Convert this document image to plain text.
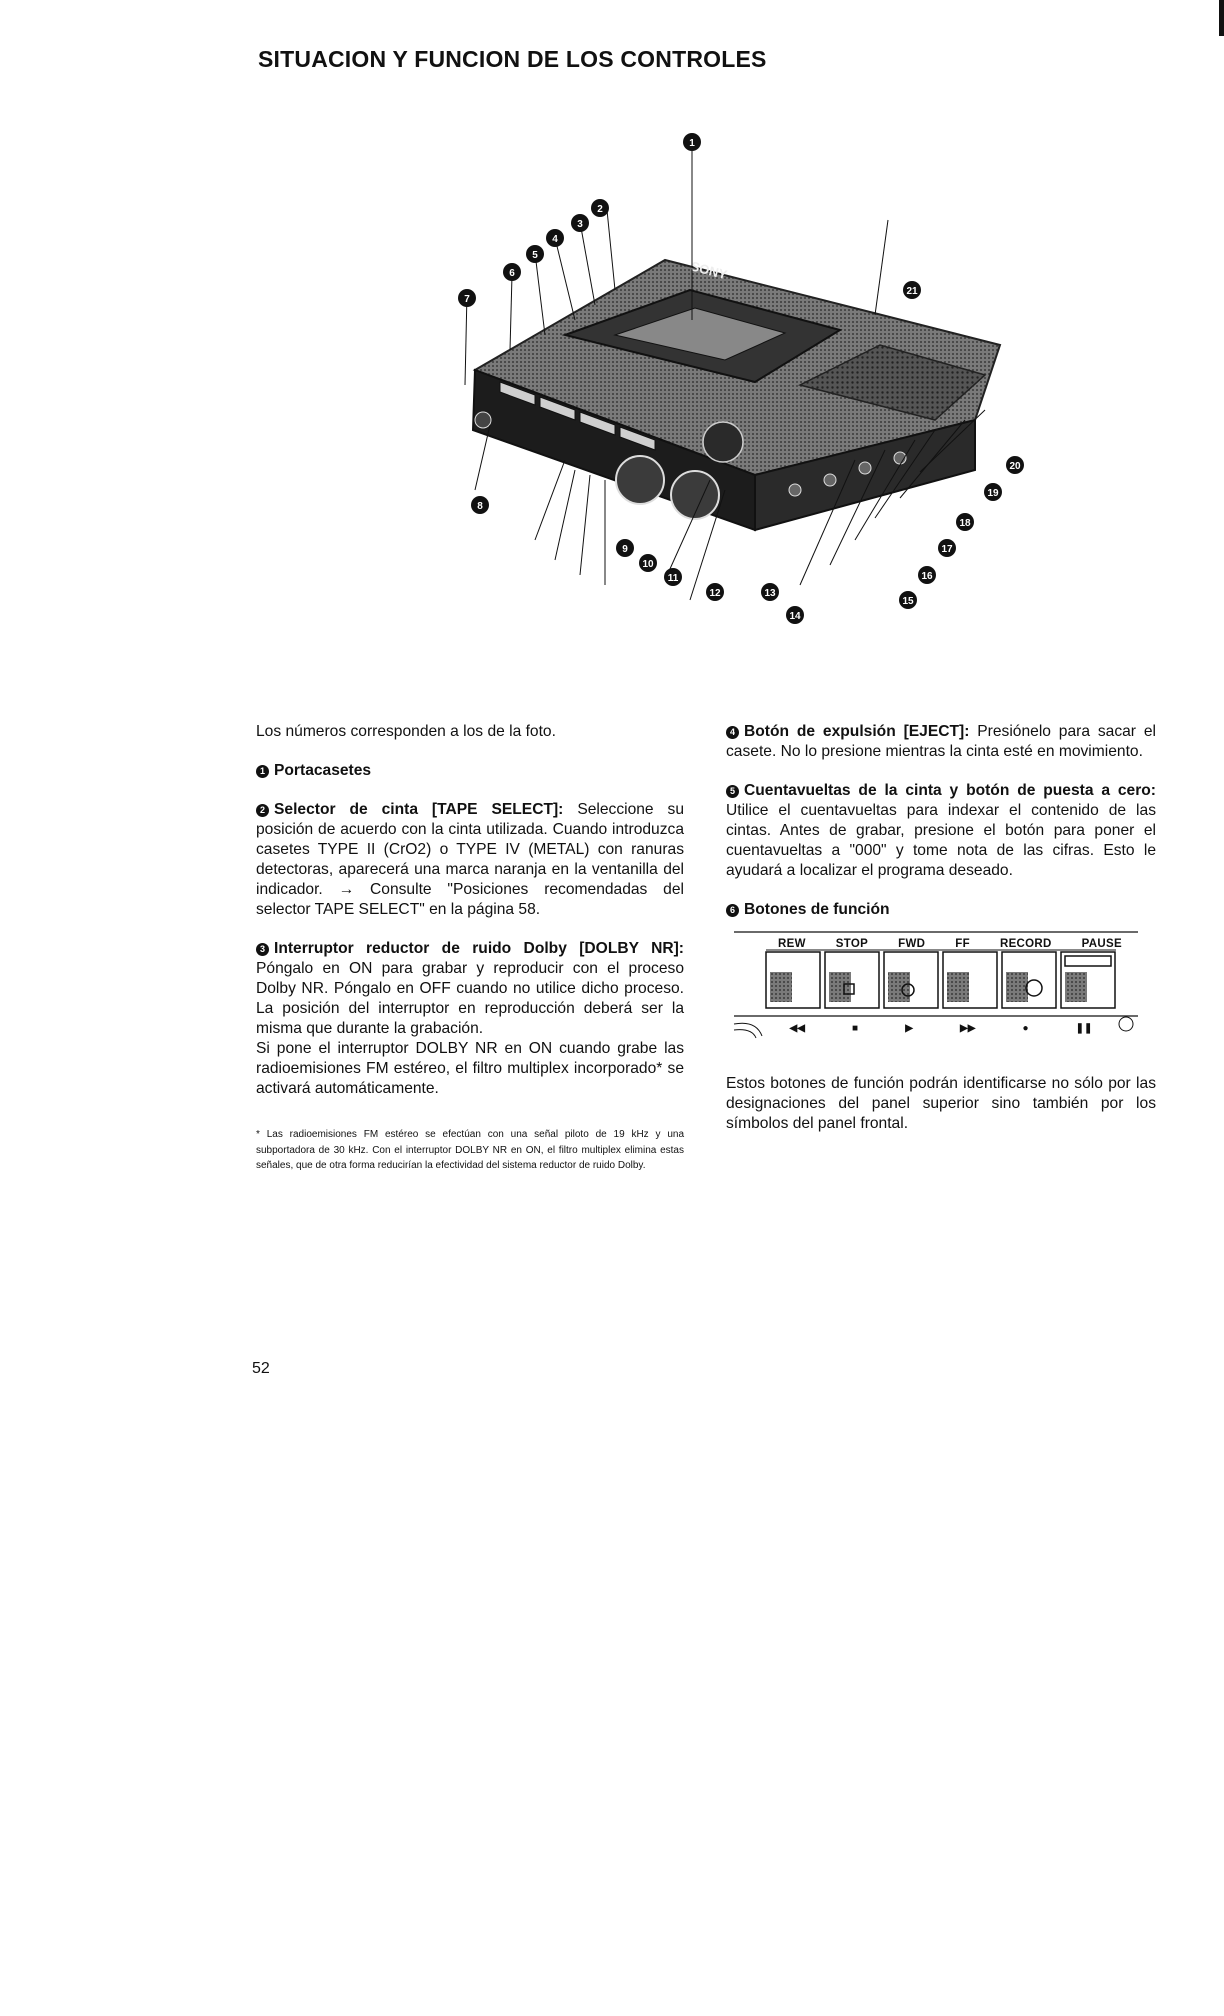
SITUACION Y FUNCION DE LOS CONTROLES
SONY
1
2
3
4
5
6
7
8
9
10
11
12	13
14
15
16
17
18
19
20
21

Los números corresponden a los de la foto.

1 Portacasetes

2 Selector de cinta [TAPE SELECT]: Seleccione su posición de acuerdo con la cinta utilizada. Cuando introduzca casetes TYPE II (CrO2) o TYPE IV (METAL) con ranuras detectoras, aparecerá una marca naranja en la ventanilla del indicador. → Consulte "Posiciones recomendadas del selector TAPE SELECT" en la página 58.

3 Interruptor reductor de ruido Dolby [DOLBY NR]: Póngalo en ON para grabar y reproducir con el proceso Dolby NR. Póngalo en OFF cuando no utilice dicho proceso. La posición del interruptor en reproducción deberá ser la misma que durante la grabación.

Si pone el interruptor DOLBY NR en ON cuando grabe las radioemisiones FM estéreo, el filtro multiplex incorporado* se activará automáticamente.

* Las radioemisiones FM estéreo se efectúan con una señal piloto de 19 kHz y una subportadora de 30 kHz. Con el interruptor DOLBY NR en ON, el filtro multiplex elimina estas señales, que de otra forma reducirían la efectividad del sistema reductor de ruido Dolby.

4 Botón de expulsión [EJECT]: Presiónelo para sacar el casete. No lo presione mientras la cinta esté en movimiento.

5 Cuentavueltas de la cinta y botón de puesta a cero: Utilice el cuentavueltas para indexar el contenido de las cintas. Antes de grabar, presione el botón para poner el cuentavueltas a "000" y tome nota de las cifras. Esto le ayudará a localizar el programa deseado.

6 Botones de función

REW	STOP	FWD	FF	RECORD	PAUSE
◀◀	■	▶	▶▶	●	❚❚

Estos botones de función podrán identificarse no sólo por las designaciones del panel superior sino también por los símbolos del panel frontal.

52
